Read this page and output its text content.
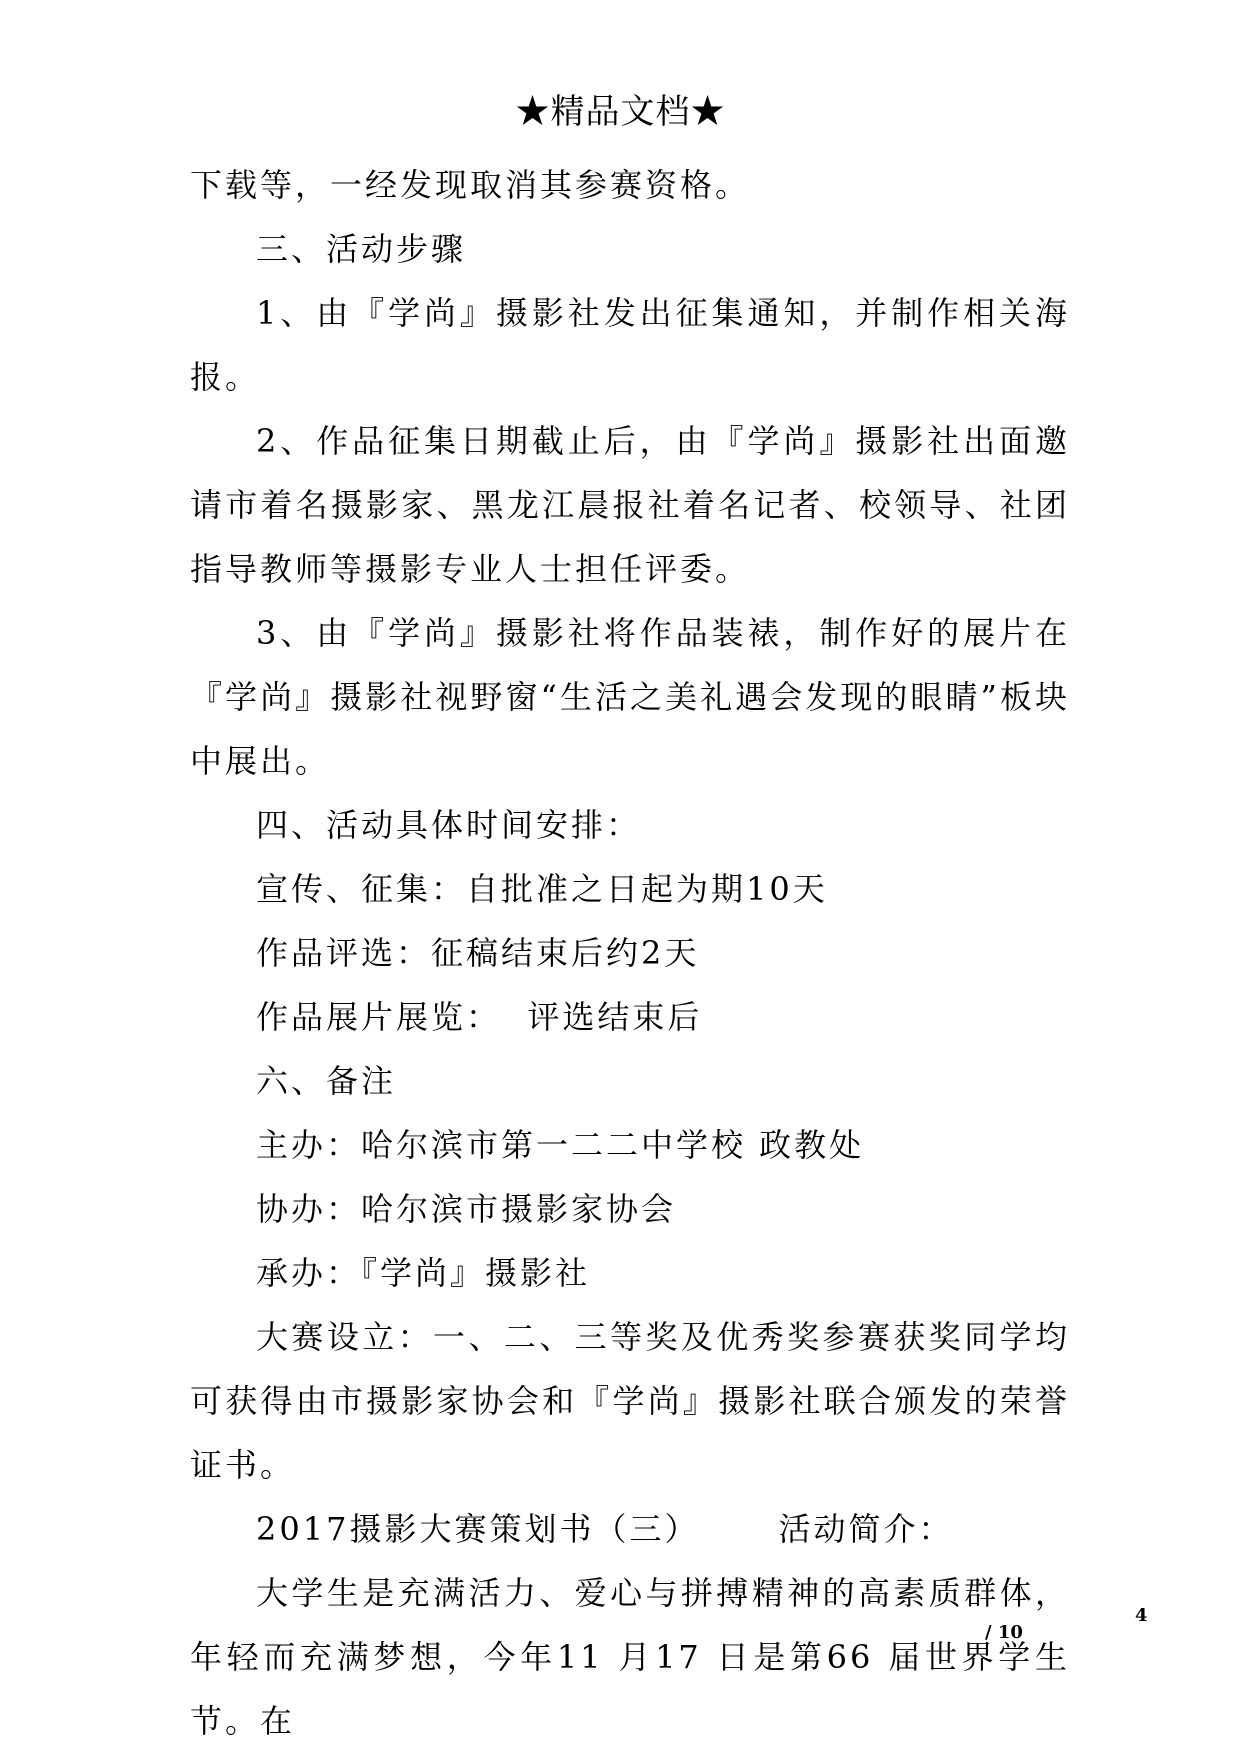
★精品文档★

下载等，一经发现取消其参赛资格。

三、活动步骤

1、由『学尚』摄影社发出征集通知，并制作相关海报。

2、作品征集日期截止后，由『学尚』摄影社出面邀请市着名摄影家、黑龙江晨报社着名记者、校领导、社团指导教师等摄影专业人士担任评委。

3、由『学尚』摄影社将作品装裱，制作好的展片在『学尚』摄影社视野窗“生活之美礼遇会发现的眼睛”板块中展出。

四、活动具体时间安排：

宣传、征集：自批准之日起为期10天

作品评选：征稿结束后约2天

作品展片展览：  评选结束后

六、备注

主办：哈尔滨市第一二二中学校 政教处

协办：哈尔滨市摄影家协会

承办：『学尚』摄影社

大赛设立：一、二、三等奖及优秀奖参赛获奖同学均可获得由市摄影家协会和『学尚』摄影社联合颁发的荣誉证书。

2017摄影大赛策划书（三）      活动简介：

大学生是充满活力、爱心与拼搏精神的高素质群体，年轻而充满梦想，今年11 月17 日是第66 届世界学生节。在

4
/ 10
